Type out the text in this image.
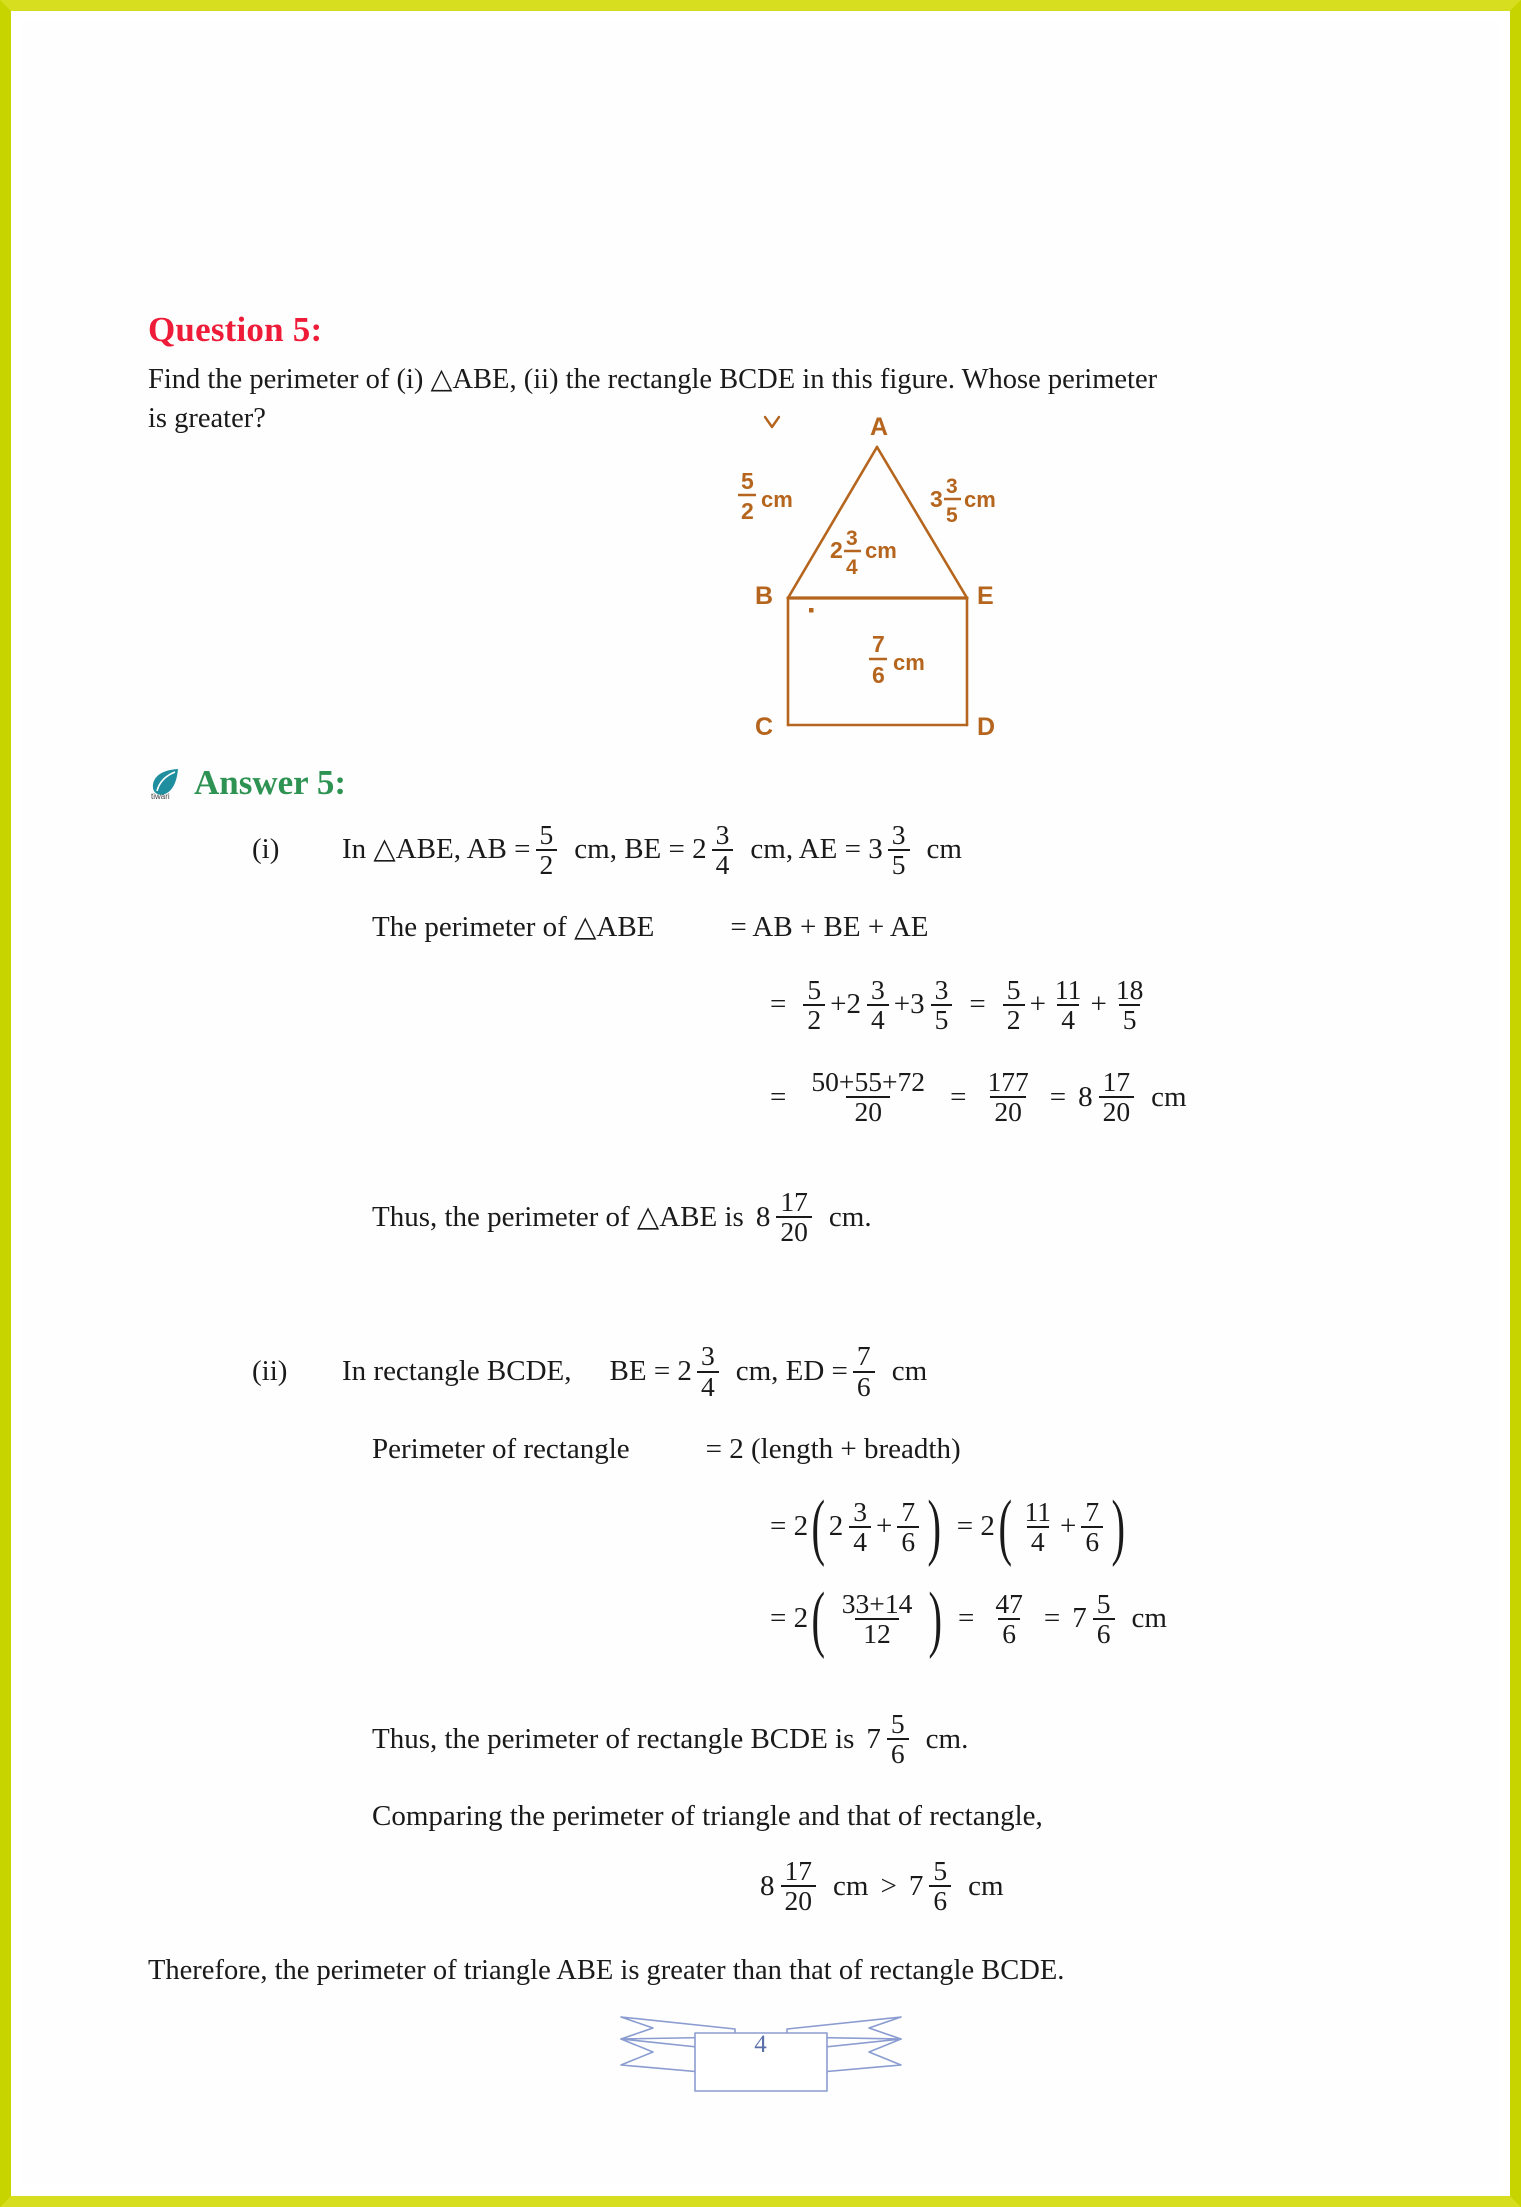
Question 5:
Find the perimeter of (i) △ABE, (ii) the rectangle BCDE in this figure. Whose perimeter
is greater?	A
B	E
C	D
5
2 cm	3 3
5
cm
2 3
4
cm
7
6 cm
tiwari Answer 5:
(i)	In △ABE, AB = $\frac{5}{2}$ cm, BE = $2 \frac{3}{4}$ cm, AE = $3 \frac{3}{5}$ cm
The perimeter of △ABE	= AB + BE + AE
= $\frac{5}{2} + 2 \frac{3}{4} + 3 \frac{3}{5} = \frac{5}{2} + \frac{11}{4} + \frac{18}{5}$
= $\frac{50+55+72}{20} = \frac{177}{20} = 8 \frac{17}{20}$ cm
Thus, the perimeter of △ABE is $8 \frac{17}{20}$ cm.
(ii)	In rectangle BCDE, BE = $2 \frac{3}{4}$ cm, ED = $\frac{7}{6}$ cm
Perimeter of rectangle	= 2 (length + breadth)
= 2 ( $2 \frac{3}{4} + \frac{7}{6}$ ) = 2 ( $\frac{11}{4} + \frac{7}{6}$ )
= 2 ( $\frac{33+14}{12}$ ) = $\frac{47}{6} = 7 \frac{5}{6}$ cm
Thus, the perimeter of rectangle BCDE is $7 \frac{5}{6}$ cm.
Comparing the perimeter of triangle and that of rectangle,
$8 \frac{17}{20}$ cm > $7 \frac{5}{6}$ cm
Therefore, the perimeter of triangle ABE is greater than that of rectangle BCDE.
4
